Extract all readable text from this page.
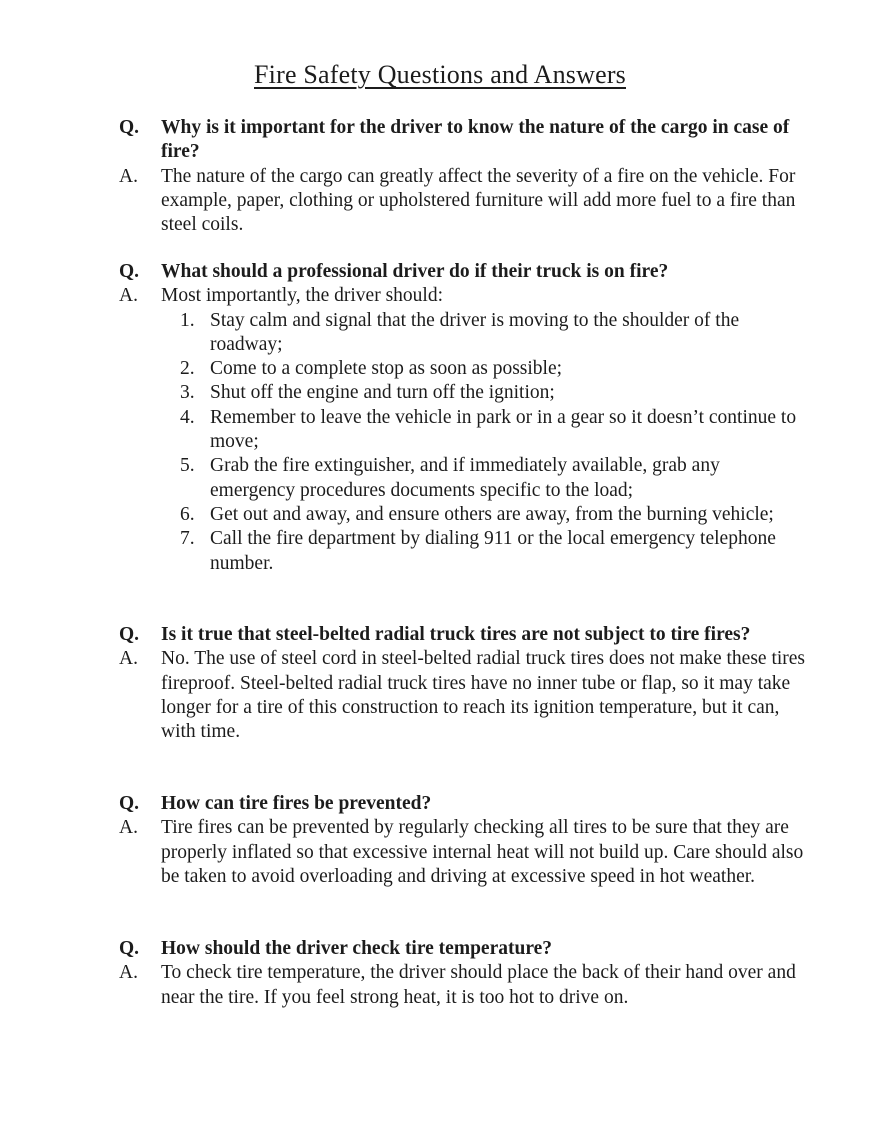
Fire Safety Questions and Answers
Q. Why is it important for the driver to know the nature of the cargo in case of fire?
A. The nature of the cargo can greatly affect the severity of a fire on the vehicle. For example, paper, clothing or upholstered furniture will add more fuel to a fire than steel coils.
Q. What should a professional driver do if their truck is on fire?
A. Most importantly, the driver should:
1. Stay calm and signal that the driver is moving to the shoulder of the roadway;
2. Come to a complete stop as soon as possible;
3. Shut off the engine and turn off the ignition;
4. Remember to leave the vehicle in park or in a gear so it doesn’t continue to move;
5. Grab the fire extinguisher, and if immediately available, grab any emergency procedures documents specific to the load;
6. Get out and away, and ensure others are away, from the burning vehicle;
7. Call the fire department by dialing 911 or the local emergency telephone number.
Q. Is it true that steel-belted radial truck tires are not subject to tire fires?
A. No. The use of steel cord in steel-belted radial truck tires does not make these tires fireproof. Steel-belted radial truck tires have no inner tube or flap, so it may take longer for a tire of this construction to reach its ignition temperature, but it can, with time.
Q. How can tire fires be prevented?
A. Tire fires can be prevented by regularly checking all tires to be sure that they are properly inflated so that excessive internal heat will not build up. Care should also be taken to avoid overloading and driving at excessive speed in hot weather.
Q. How should the driver check tire temperature?
A. To check tire temperature, the driver should place the back of their hand over and near the tire. If you feel strong heat, it is too hot to drive on.
